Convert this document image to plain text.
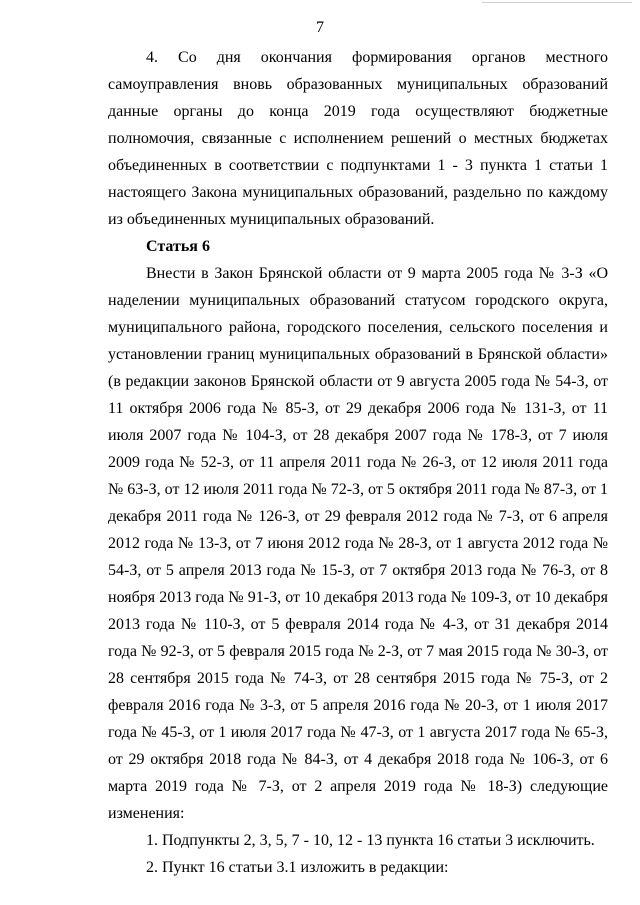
7

4. Со дня окончания формирования органов местного самоуправления вновь образованных муниципальных образований данные органы до конца 2019 года осуществляют бюджетные полномочия, связанные с исполнением решений о местных бюджетах объединенных в соответствии с подпунктами 1 - 3 пункта 1 статьи 1 настоящего Закона муниципальных образований, раздельно по каждому из объединенных муниципальных образований.

Статья 6

Внести в Закон Брянской области от 9 марта 2005 года № 3-З «О наделении муниципальных образований статусом городского округа, муниципального района, городского поселения, сельского поселения и установлении границ муниципальных образований в Брянской области» (в редакции законов Брянской области от 9 августа 2005 года № 54-З, от 11 октября 2006 года № 85-З, от 29 декабря 2006 года № 131-З, от 11 июля 2007 года № 104-З, от 28 декабря 2007 года № 178-З, от 7 июля 2009 года № 52-З, от 11 апреля 2011 года № 26-З, от 12 июля 2011 года № 63-З, от 12 июля 2011 года № 72-З, от 5 октября 2011 года № 87-З, от 1 декабря 2011 года № 126-З, от 29 февраля 2012 года № 7-З, от 6 апреля 2012 года № 13-З, от 7 июня 2012 года № 28-З, от 1 августа 2012 года № 54-З, от 5 апреля 2013 года № 15-З, от 7 октября 2013 года № 76-З, от 8 ноября 2013 года № 91-З, от 10 декабря 2013 года № 109-З, от 10 декабря 2013 года № 110-З, от 5 февраля 2014 года № 4-З, от 31 декабря 2014 года № 92-З, от 5 февраля 2015 года № 2-З, от 7 мая 2015 года № 30-З, от 28 сентября 2015 года № 74-З, от 28 сентября 2015 года № 75-З, от 2 февраля 2016 года № 3-З, от 5 апреля 2016 года № 20-З, от 1 июля 2017 года № 45-З, от 1 июля 2017 года № 47-З, от 1 августа 2017 года № 65-З, от 29 октября 2018 года № 84-З, от 4 декабря 2018 года № 106-З, от 6 марта 2019 года № 7-З, от 2 апреля 2019 года № 18-З) следующие изменения:

1. Подпункты 2, 3, 5, 7 - 10, 12 - 13 пункта 16 статьи 3 исключить.

2. Пункт 16 статьи 3.1 изложить в редакции:
